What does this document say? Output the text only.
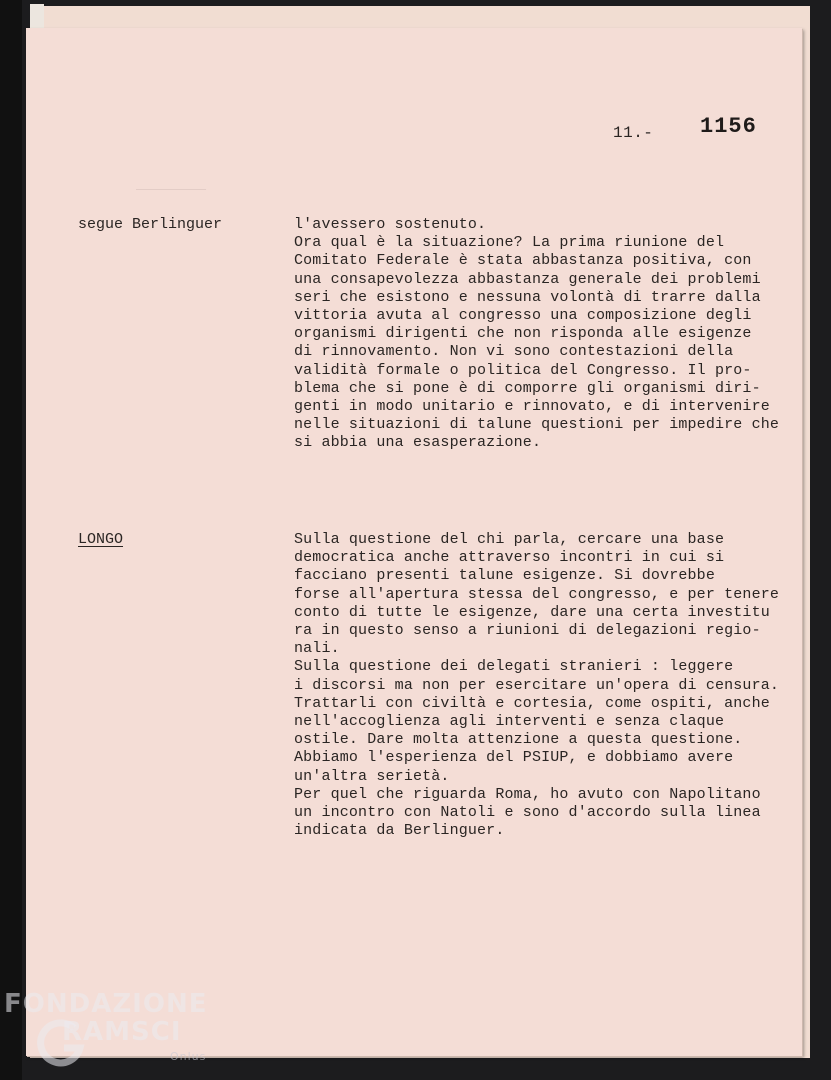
11.- 1156
segue Berlinguer	l'avessero sostenuto.
Ora qual è la situazione? La prima riunione del
Comitato Federale è stata abbastanza positiva, con
una consapevolezza abbastanza generale dei problemi
seri che esistono e nessuna volontà di trarre dalla
vittoria avuta al congresso una composizione degli
organismi dirigenti che non risponda alle esigenze
di rinnovamento. Non vi sono contestazioni della
validità formale o politica del Congresso. Il pro-
blema che si pone è di comporre gli organismi diri-
genti in modo unitario e rinnovato, e di intervenire
nelle situazioni di talune questioni per impedire che
si abbia una esasperazione.
LONGO	Sulla questione del chi parla, cercare una base
democratica anche attraverso incontri in cui si
facciano presenti talune esigenze. Si dovrebbe
forse all'apertura stessa del congresso, e per tenere
conto di tutte le esigenze, dare una certa investitu
ra in questo senso a riunioni di delegazioni regio-
nali.
Sulla questione dei delegati stranieri : leggere
i discorsi ma non per esercitare un'opera di censura.
Trattarli con civiltà e cortesia, come ospiti, anche
nell'accoglienza agli interventi e senza claque
ostile. Dare molta attenzione a questa questione.
Abbiamo l'esperienza del PSIUP, e dobbiamo avere
un'altra serietà.
Per quel che riguarda Roma, ho avuto con Napolitano
un incontro con Natoli e sono d'accordo sulla linea
indicata da Berlinguer.
FONDAZIONE
RAMSCI
Onlus
